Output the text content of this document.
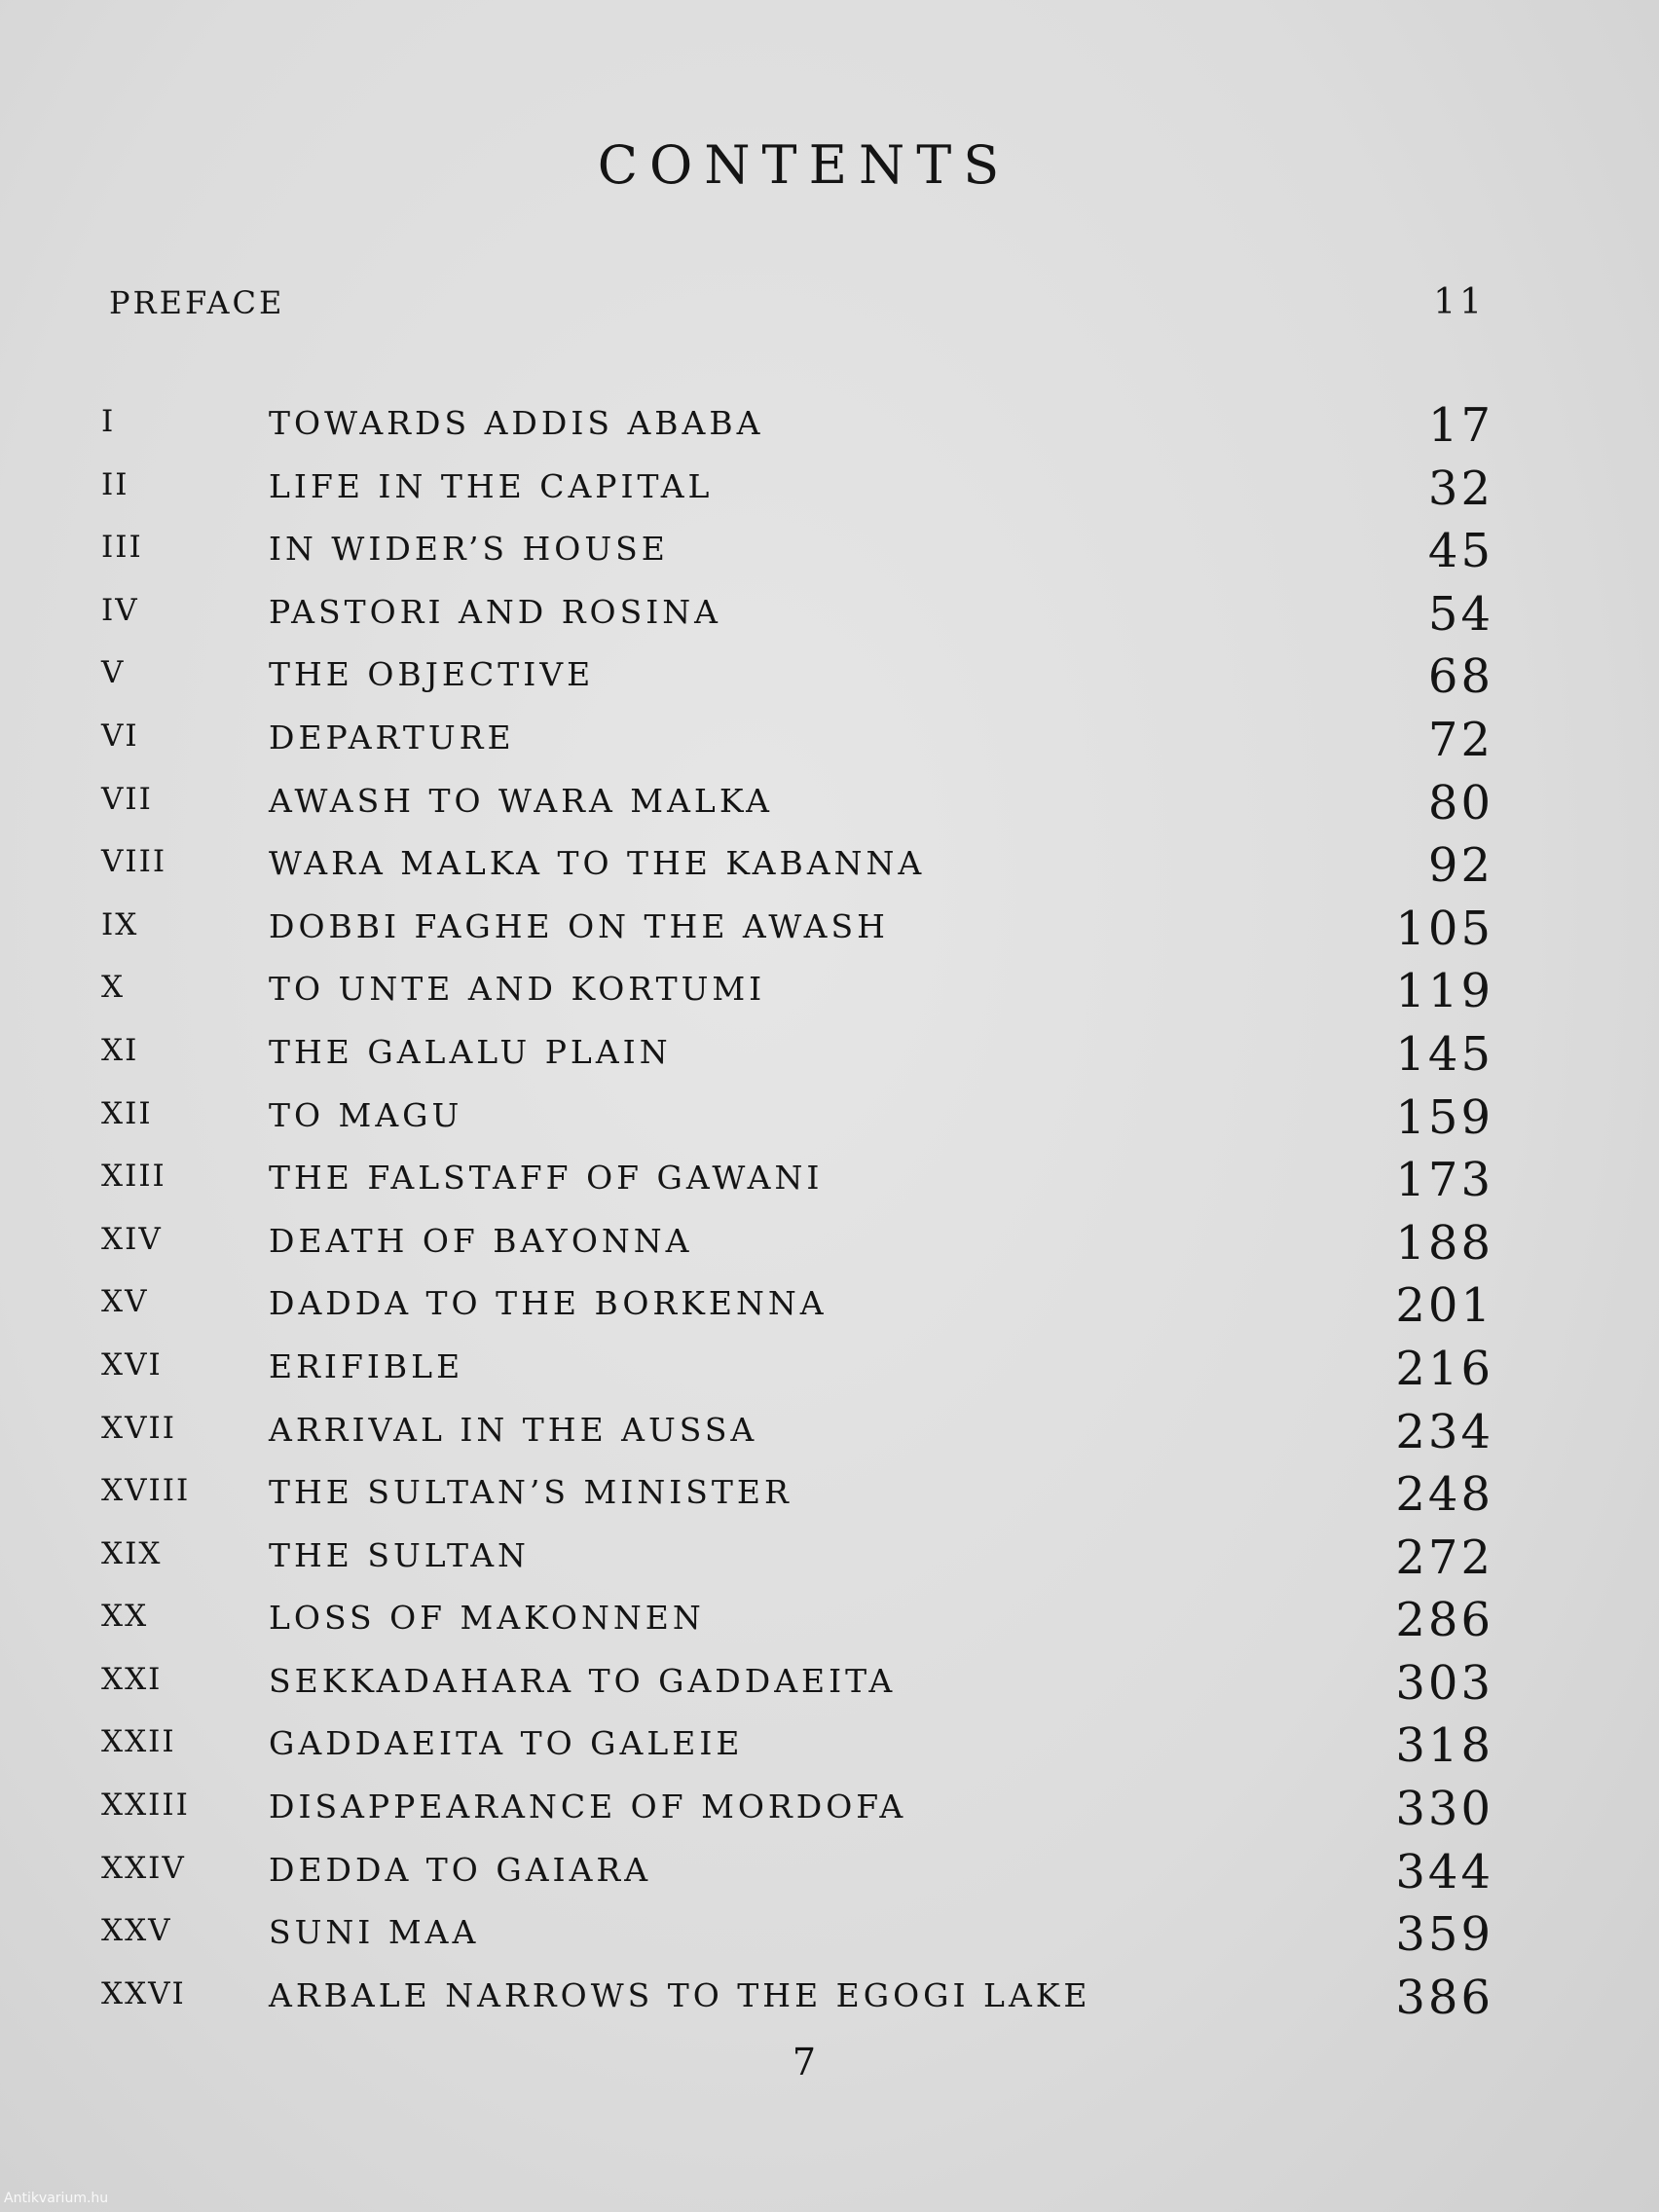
CONTENTS
PREFACE	11
I	TOWARDS ADDIS ABABA	17
II	LIFE IN THE CAPITAL	32
III	IN WIDER’S HOUSE	45
IV	PASTORI AND ROSINA	54
V	THE OBJECTIVE	68
VI	DEPARTURE	72
VII	AWASH TO WARA MALKA	80
VIII	WARA MALKA TO THE KABANNA	92
IX	DOBBI FAGHE ON THE AWASH	105
X	TO UNTE AND KORTUMI	119
XI	THE GALALU PLAIN	145
XII	TO MAGU	159
XIII	THE FALSTAFF OF GAWANI	173
XIV	DEATH OF BAYONNA	188
XV	DADDA TO THE BORKENNA	201
XVI	ERIFIBLE	216
XVII	ARRIVAL IN THE AUSSA	234
XVIII THE SULTAN’S MINISTER	248
XIX	THE SULTAN	272
XX	LOSS OF MAKONNEN	286
XXI	SEKKADAHARA TO GADDAEITA	303
XXII	GADDAEITA TO GALEIE	318
XXIII DISAPPEARANCE OF MORDOFA	330
XXIV	DEDDA TO GAIARA	344
XXV	SUNI MAA	359
XXVI	ARBALE NARROWS TO THE EGOGI LAKE	386
7
Antikvarium.hu
